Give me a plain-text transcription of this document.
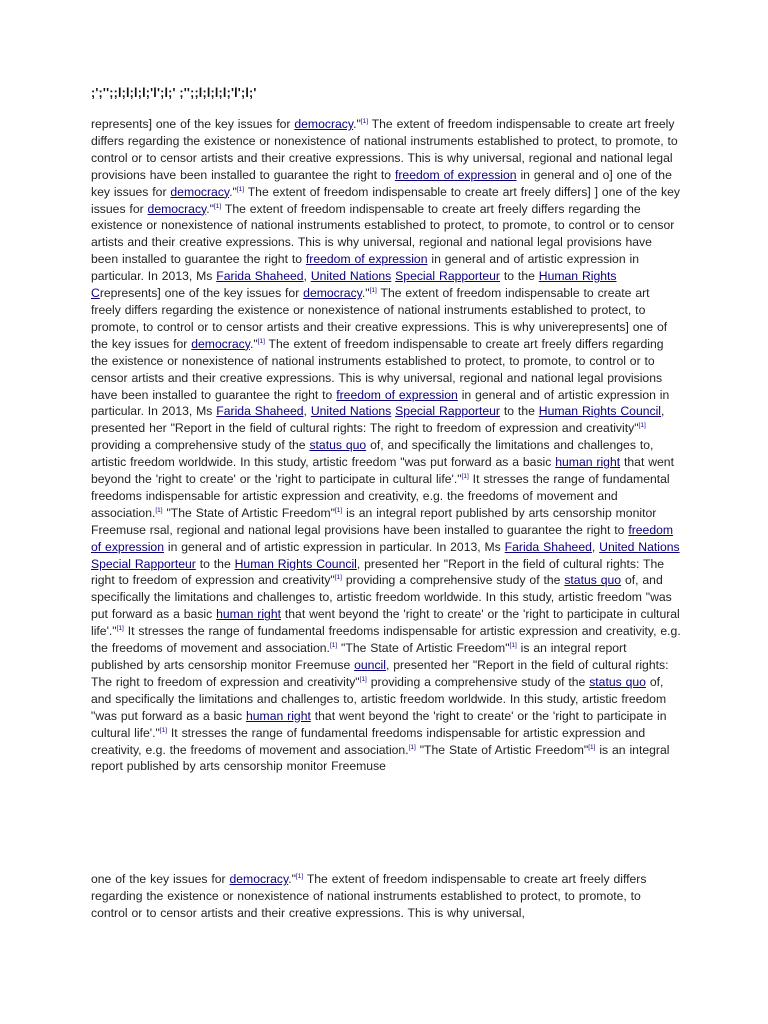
;';'';;l;l;l;l;'l';l;' ;'';;l;l;l;l;'l';l;'

represents] one of the key issues for democracy."[1] The extent of freedom indispensable to create art freely differs regarding the existence or nonexistence of national instruments established to protect, to promote, to control or to censor artists and their creative expressions. This is why universal, regional and national legal provisions have been installed to guarantee the right to freedom of expression in general and o] one of the key issues for democracy."[1] The extent of freedom indispensable to create art freely differs] ] one of the key issues for democracy."[1] The extent of freedom indispensable to create art freely differs regarding the existence or nonexistence of national instruments established to protect, to promote, to control or to censor artists and their creative expressions. This is why universal, regional and national legal provisions have been installed to guarantee the right to freedom of expression in general and of artistic expression in particular. In 2013, Ms Farida Shaheed, United Nations Special Rapporteur to the Human Rights Crepresents] one of the key issues for democracy."[1] The extent of freedom indispensable to create art freely differs regarding the existence or nonexistence of national instruments established to protect, to promote, to control or to censor artists and their creative expressions. This is why univerepresents] one of the key issues for democracy."[1] The extent of freedom indispensable to create art freely differs regarding the existence or nonexistence of national instruments established to protect, to promote, to control or to censor artists and their creative expressions. This is why universal, regional and national legal provisions have been installed to guarantee the right to freedom of expression in general and of artistic expression in particular. In 2013, Ms Farida Shaheed, United Nations Special Rapporteur to the Human Rights Council, presented her "Report in the field of cultural rights: The right to freedom of expression and creativity"[1] providing a comprehensive study of the status quo of, and specifically the limitations and challenges to, artistic freedom worldwide. In this study, artistic freedom "was put forward as a basic human right that went beyond the 'right to create' or the 'right to participate in cultural life'."[1] It stresses the range of fundamental freedoms indispensable for artistic expression and creativity, e.g. the freedoms of movement and association.[1] "The State of Artistic Freedom"[1] is an integral report published by arts censorship monitor Freemuse rsal, regional and national legal provisions have been installed to guarantee the right to freedom of expression in general and of artistic expression in particular. In 2013, Ms Farida Shaheed, United Nations Special Rapporteur to the Human Rights Council, presented her "Report in the field of cultural rights: The right to freedom of expression and creativity"[1] providing a comprehensive study of the status quo of, and specifically the limitations and challenges to, artistic freedom worldwide. In this study, artistic freedom "was put forward as a basic human right that went beyond the 'right to create' or the 'right to participate in cultural life'."[1] It stresses the range of fundamental freedoms indispensable for artistic expression and creativity, e.g. the freedoms of movement and association.[1] "The State of Artistic Freedom"[1] is an integral report published by arts censorship monitor Freemuse ouncil, presented her "Report in the field of cultural rights: The right to freedom of expression and creativity"[1] providing a comprehensive study of the status quo of, and specifically the limitations and challenges to, artistic freedom worldwide. In this study, artistic freedom "was put forward as a basic human right that went beyond the 'right to create' or the 'right to participate in cultural life'."[1] It stresses the range of fundamental freedoms indispensable for artistic expression and creativity, e.g. the freedoms of movement and association.[1] "The State of Artistic Freedom"[1] is an integral report published by arts censorship monitor Freemuse

one of the key issues for democracy."[1] The extent of freedom indispensable to create art freely differs regarding the existence or nonexistence of national instruments established to protect, to promote, to control or to censor artists and their creative expressions. This is why universal,
